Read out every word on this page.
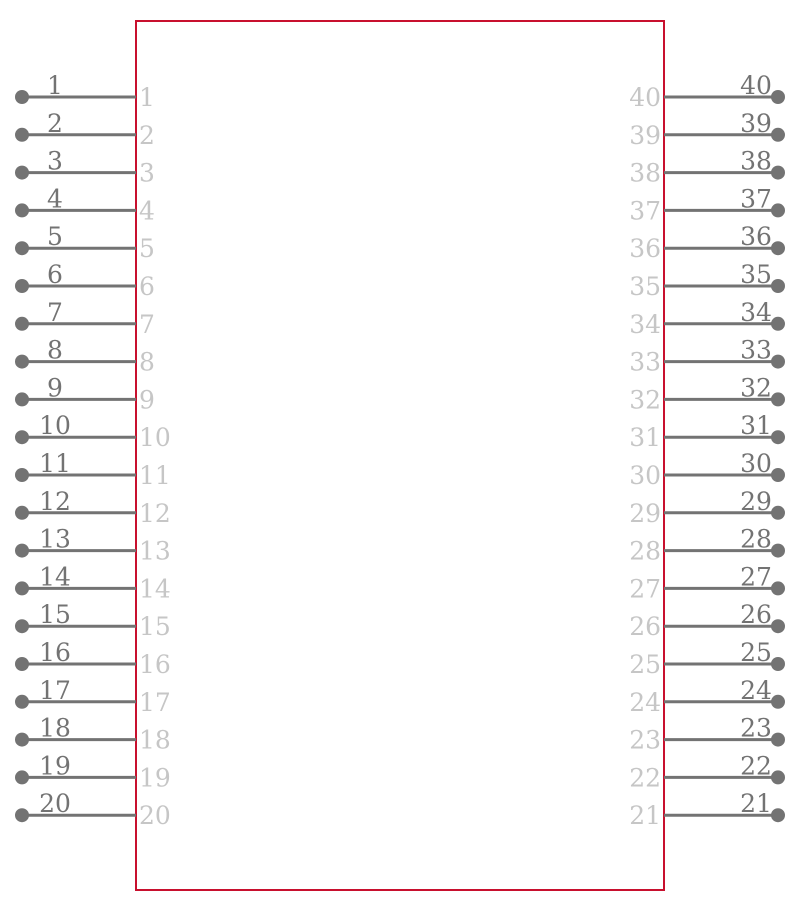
1	1
2	2
3	3
4	4
5	5
6	6
7	7
8	8
9	9
10	10
11	11
12	12
13	13
14	14
15	15
16	16
17	17
18	18
19	19
20	20
40
40
39
39
38
38
37
37
36
36
35
35
34
34
33
33
32
32
31
31
30
30
29
29
28
28
27
27
26
26
25
25
24
24
23
23
22
22
21
21
